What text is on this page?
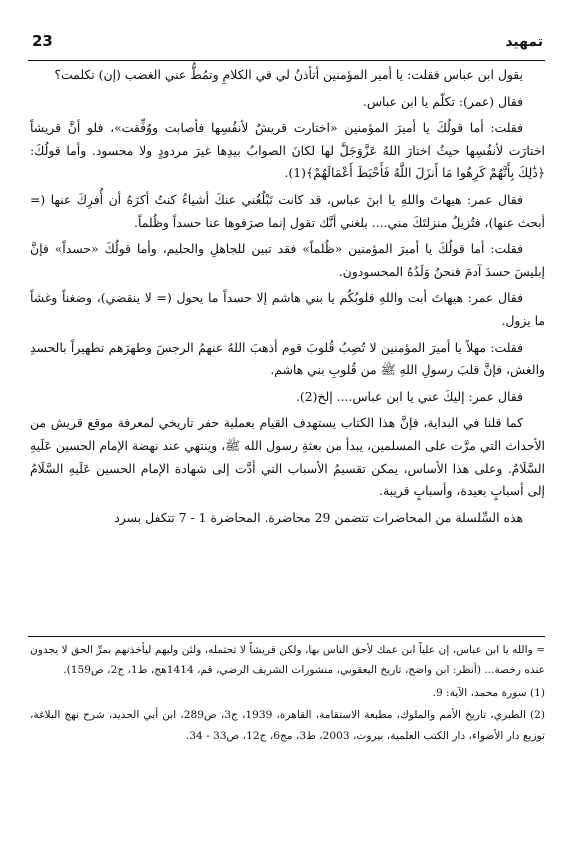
23	تمهيد

يقول ابن عباس فقلت: يا أمير المؤمنين أتأذنُ لي في الكلامِ وتمُطُّ عني الغضب (إن) تكلمت؟

فقال (عمر): تكلّم يا ابن عباس.

فقلت: أما قولُكَ يا أميرَ المؤمنين «اختارت قريشٌ لأنفُسِها فأصابت ووُفِّقت»، فلو أنَّ قريشاً اختارَت لأنفُسِها حيثُ اختارَ اللهُ عَزَّوَجَلَّ لها لكانَ الصوابُ بيدِها غيرَ مردودٍ ولا محسود. وأما قولُكَ: ﴿ذَٰلِكَ بِأَنَّهُمْ كَرِهُوا مَا أَنزَلَ اللَّهُ فَأَحْبَطَ أَعْمَالَهُمْ﴾(1).

فقال عمر: هيهاتَ واللهِ يا ابنَ عباس، قد كانت تَبْلُغُني عنكَ أشياءُ كنتُ أكرَهُ أن أُفرِكَ عنها (= أبحث عنها)، فتُزيلُ منزلتَكَ مني.... بلغني أنَّك تقول إنما صرَفوها عنا حسداً وظُلماً.

فقلت: أما قولُكَ يا أميرَ المؤمنين «ظُلماً» فقد تبين للجاهلِ والحليم، وأما قولُكَ «حسداً» فإنَّ إبليسَ حسدَ آدمَ فنحنُ وَلَدُهُ المحسودون.

فقال عمر: هيهاتَ أبت واللهِ قلوبُكُم يا بني هاشم إلا حسداً ما يحول (= لا ينقضي)، وضغناً وغشاً ما يزول.

فقلت: مهلاً يا أميرَ المؤمنين لا تُصِبُ قُلوبَ قوم أذهبَ اللهُ عنهمُ الرجسَ وطهرَهم تطهيراً بالحسدِ والغش، فإنَّ قلبَ رسولِ اللهِ ﷺ من قُلوبِ بني هاشم.

فقال عمر: إليكَ عني يا ابن عباس.... إلخ(2).

كما قلنا في البداية، فإنَّ هذا الكتاب يستهدف القيام بعملية حفر تاريخي لمعرفة موقع قريش من الأحداث التي مرَّت على المسلمين، يبدأ من بعثةِ رسول الله ﷺ، وينتهي عند نهضة الإمام الحسين عَلَيهِ السَّلَامُ. وعلى هذا الأساس، يمكن تقسيمُ الأسباب التي أدَّت إلى شهادة الإمام الحسين عَلَيهِ السَّلَامُ إلى أسبابٍ بعيدة، وأسبابٍ قريبة.

هذه السِّلسلة من المحاضرات تتضمن 29 محاضرة. المحاضرة 1 - 7 تتكفل بسرد

= والله يا ابن عباس، إن علياً ابن عمك لأحق الناس بها، ولكن قريشاً لا تحتمله، ولئن وليهم ليأخذنهم بمرِّ الحق لا يجدون عنده رخصة... (أنظر: ابن واضح، تاريخ اليعقوبي، منشورات الشريف الرضي، قم، 1414هج، ط1، ج2، ص159).

(1) سورة محمد، الآية: 9.

(2) الطبري، تاريخ الأمم والملوك، مطبعة الاستقامة، القاهرة، 1939، ج3، ص289، ابن أبي الحديد، شرح نهج البلاغة، توزيع دار الأضواء، دار الكتب العلمية، بيروت، 2003، ط3، مج6، ج12، ص33 - 34.
